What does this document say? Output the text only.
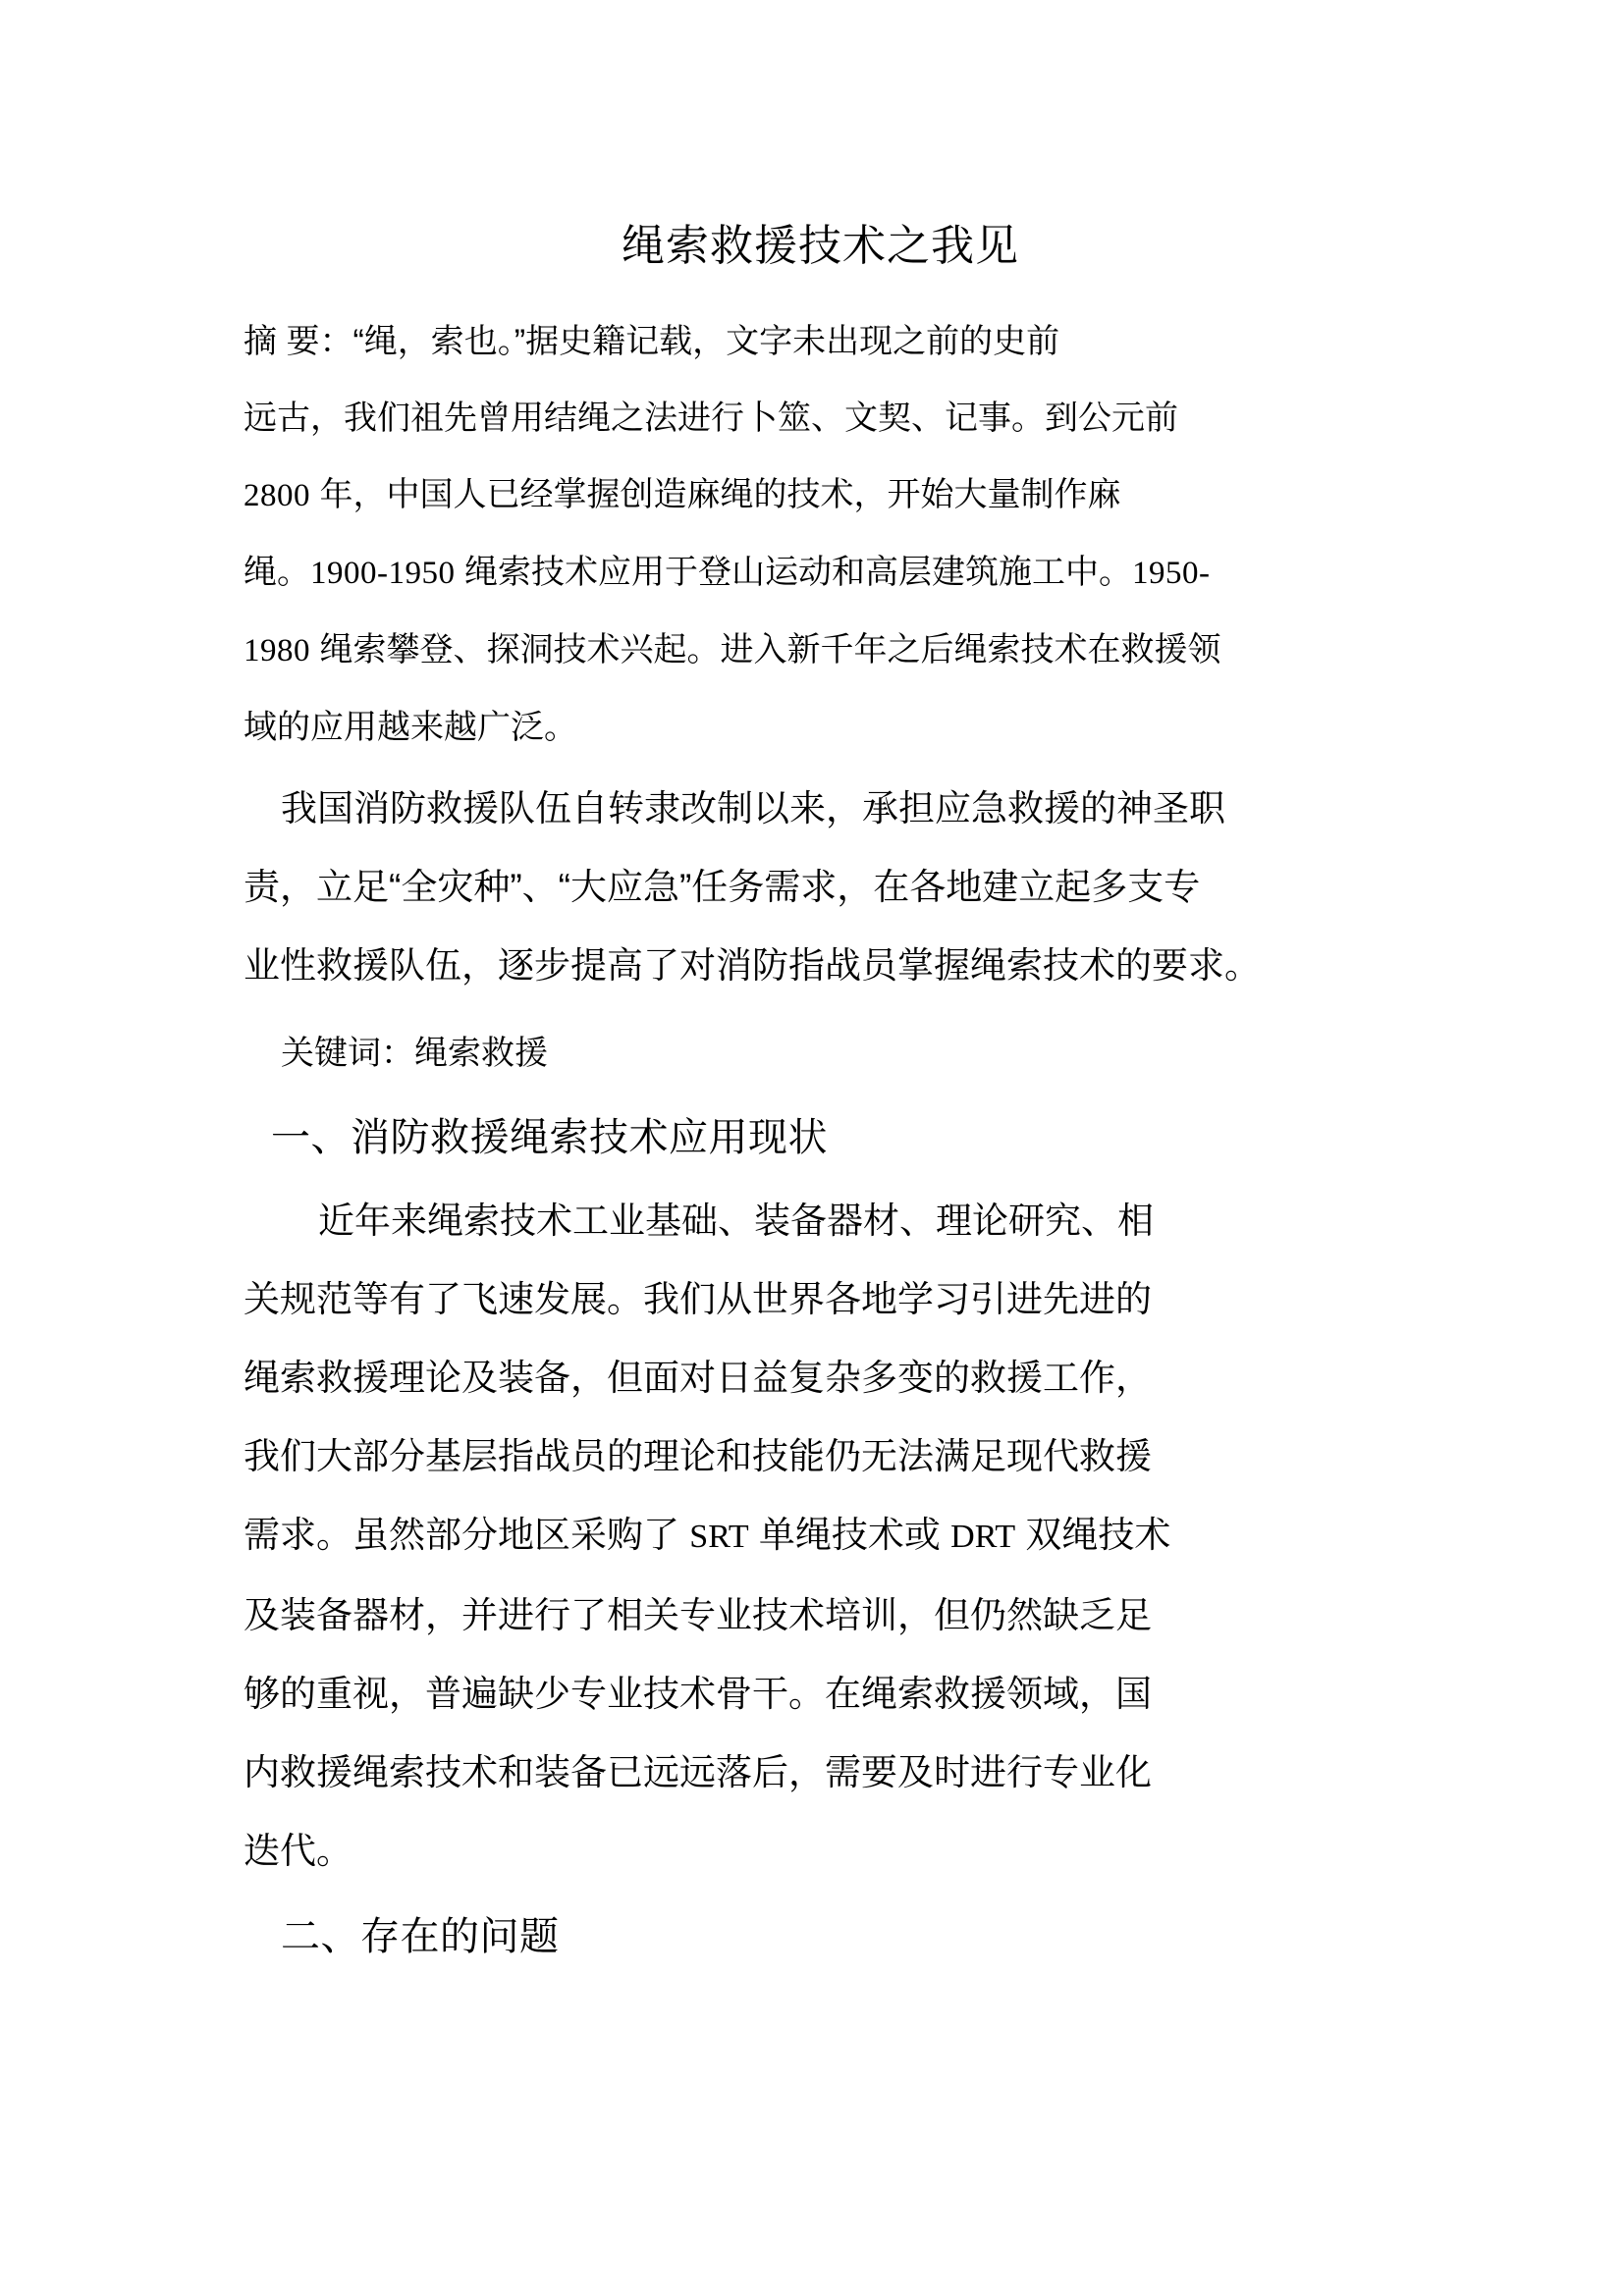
绳索救援技术之我见
摘 要：“绳，索也。”据史籍记载，文字未出现之前的史前
远古，我们祖先曾用结绳之法进行卜筮、文契、记事。到公元前
2800 年，中国人已经掌握创造麻绳的技术，开始大量制作麻
绳。1900-1950 绳索技术应用于登山运动和高层建筑施工中。1950-
1980 绳索攀登、探洞技术兴起。进入新千年之后绳索技术在救援领
域的应用越来越广泛。
我国消防救援队伍自转隶改制以来，承担应急救援的神圣职
责，立足“全灾种”、“大应急”任务需求，在各地建立起多支专
业性救援队伍，逐步提高了对消防指战员掌握绳索技术的要求。
关键词：绳索救援
一、消防救援绳索技术应用现状
近年来绳索技术工业基础、装备器材、理论研究、相
关规范等有了飞速发展。我们从世界各地学习引进先进的
绳索救援理论及装备，但面对日益复杂多变的救援工作，
我们大部分基层指战员的理论和技能仍无法满足现代救援
需求。虽然部分地区采购了 SRT 单绳技术或 DRT 双绳技术
及装备器材，并进行了相关专业技术培训，但仍然缺乏足
够的重视，普遍缺少专业技术骨干。在绳索救援领域，国
内救援绳索技术和装备已远远落后，需要及时进行专业化
迭代。
二、存在的问题
